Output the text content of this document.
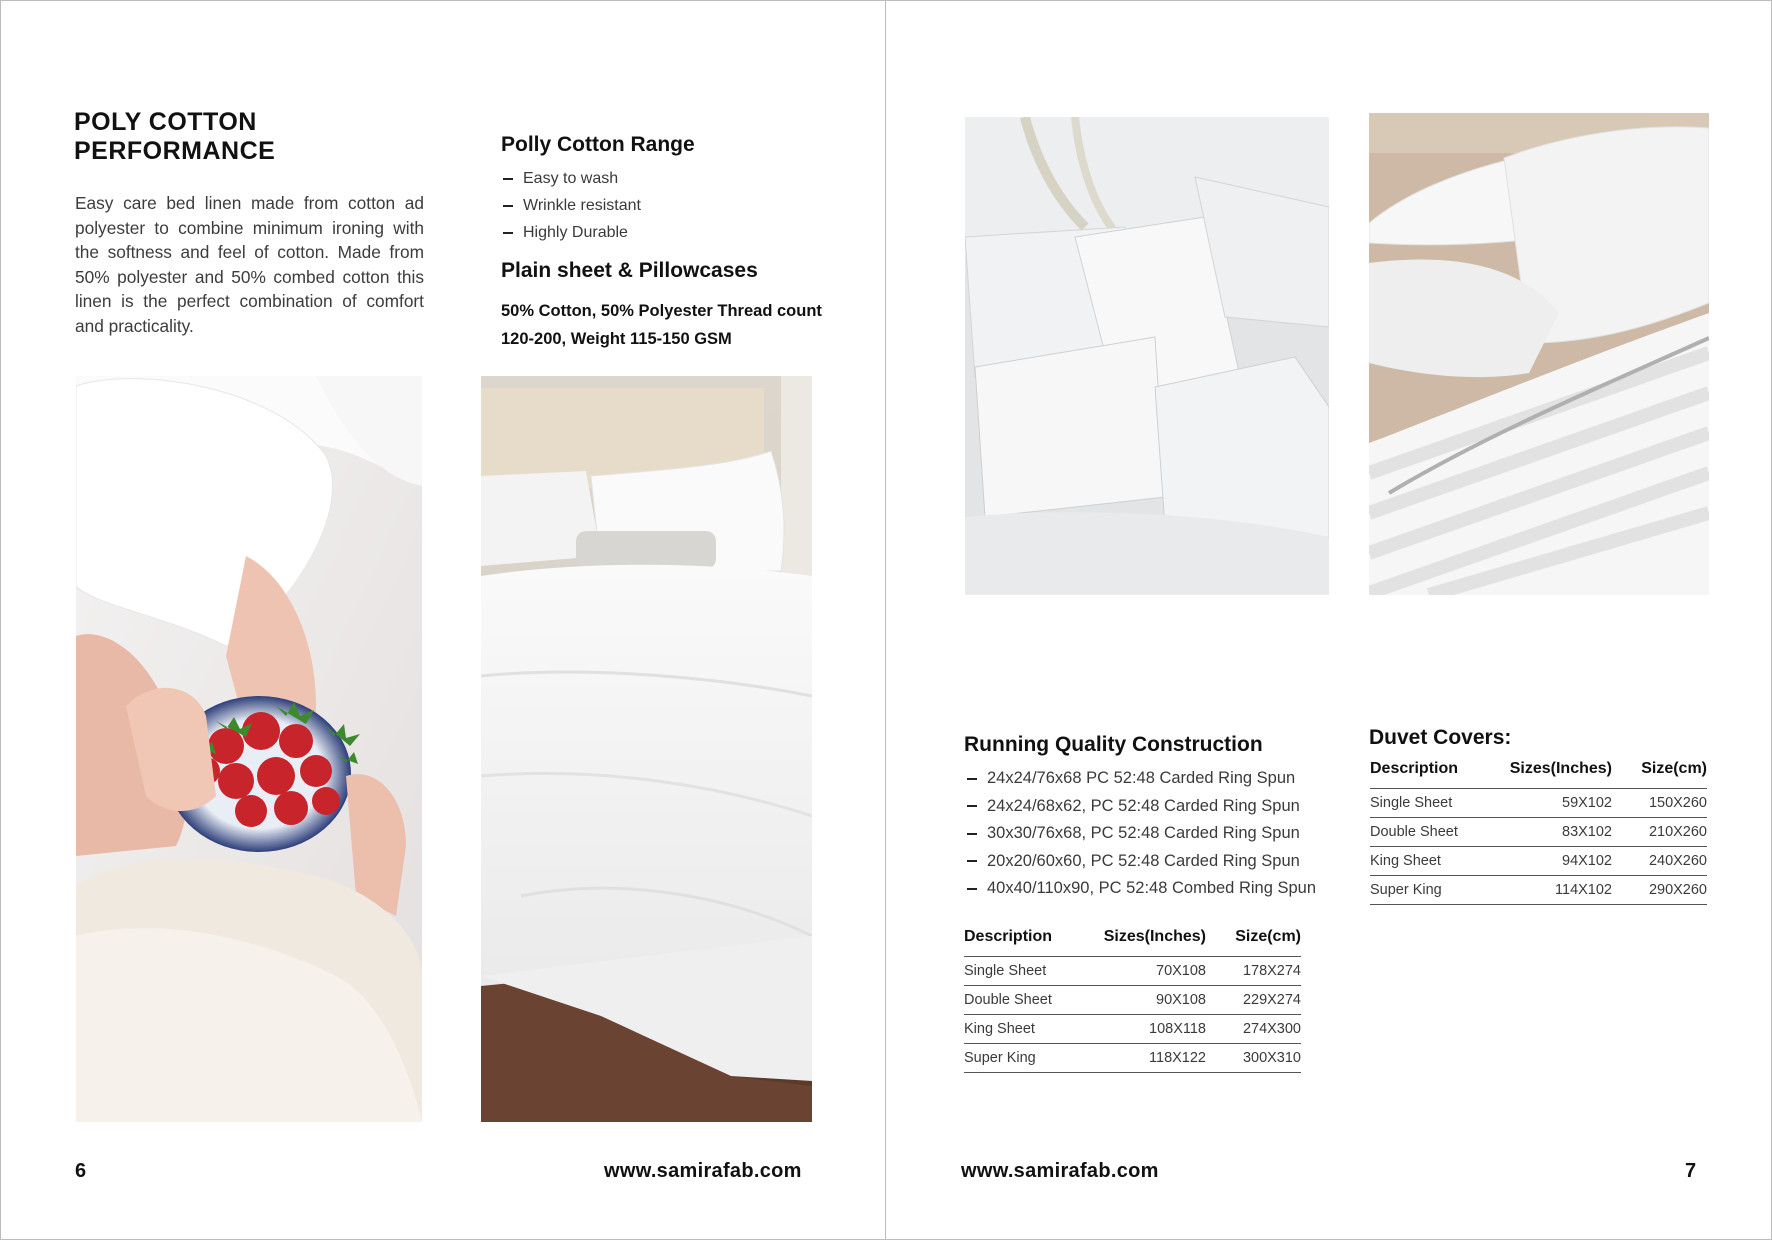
POLY COTTON
PERFORMANCE
Easy care bed linen made from cotton ad polyester to combine minimum ironing with the softness and feel of cotton. Made from 50% polyester and 50% combed cotton this linen is the perfect combination of comfort and practicality.
Polly Cotton Range
Easy to wash
Wrinkle resistant
Highly Durable
Plain sheet & Pillowcases
50% Cotton, 50% Polyester Thread count
120-200, Weight 115-150 GSM
6	www.samirafab.com
Running Quality Construction
24x24/76x68 PC 52:48 Carded Ring Spun
24x24/68x62, PC 52:48 Carded Ring Spun
30x30/76x68, PC 52:48 Carded Ring Spun
20x20/60x60, PC 52:48 Carded Ring Spun
40x40/110x90, PC 52:48 Combed Ring Spun
Description	Sizes(Inches)	Size(cm)
Single Sheet	70X108	178X274
Double Sheet	90X108	229X274
King Sheet	108X118	274X300
Super King	118X122	300X310
Duvet Covers:
Description	Sizes(Inches)	Size(cm)
Single Sheet	59X102	150X260
Double Sheet	83X102	210X260
King Sheet	94X102	240X260
Super King	114X102	290X260
www.samirafab.com	7
